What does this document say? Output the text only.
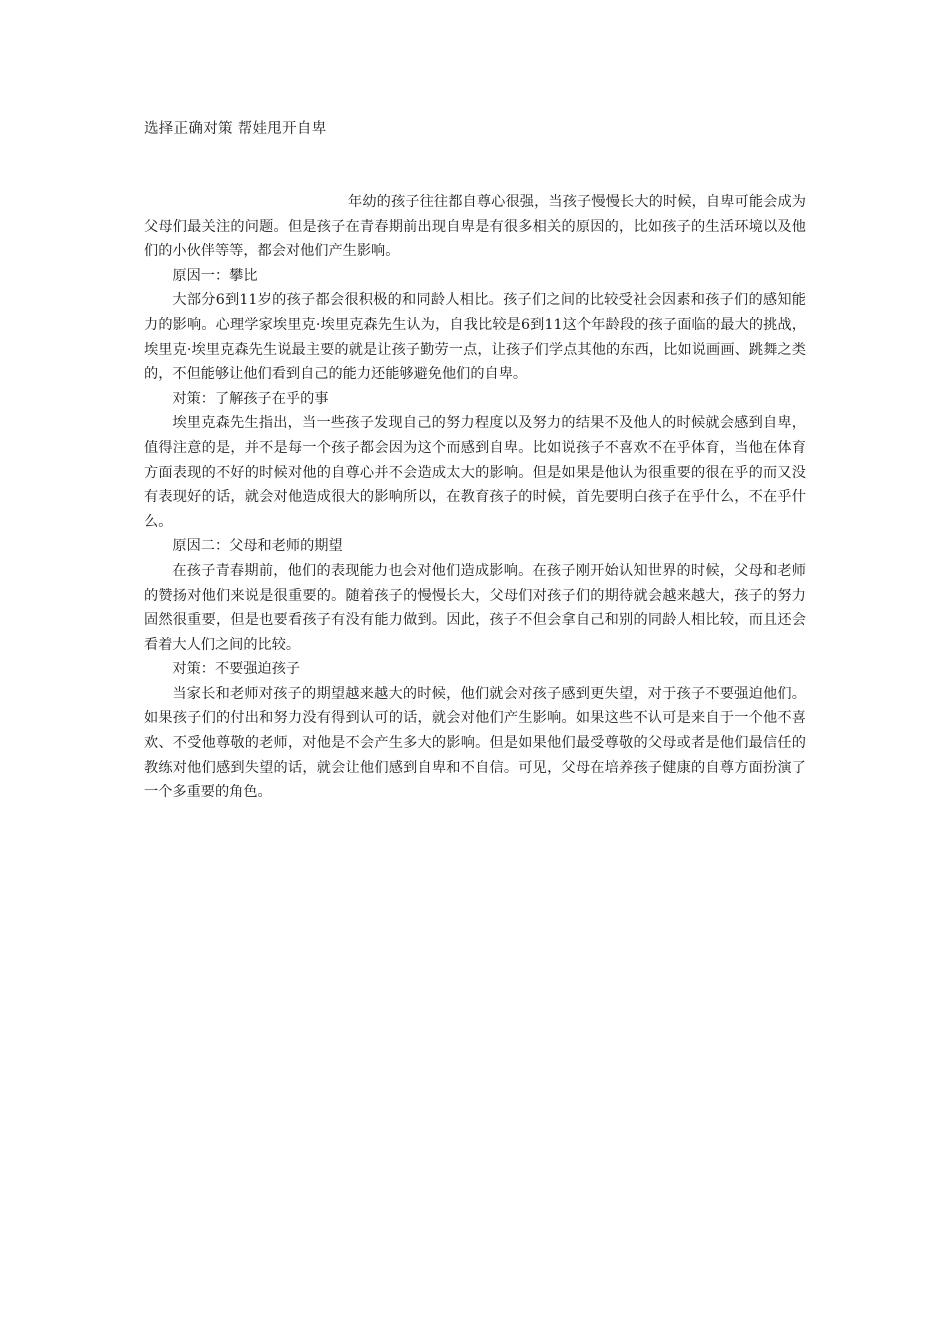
选择正确对策 帮娃甩开自卑

年幼的孩子往往都自尊心很强，当孩子慢慢长大的时候，自卑可能会成为父母们最关注的问题。但是孩子在青春期前出现自卑是有很多相关的原因的，比如孩子的生活环境以及他们的小伙伴等等，都会对他们产生影响。

原因一：攀比

大部分6到11岁的孩子都会很积极的和同龄人相比。孩子们之间的比较受社会因素和孩子们的感知能力的影响。心理学家埃里克·埃里克森先生认为，自我比较是6到11这个年龄段的孩子面临的最大的挑战，埃里克·埃里克森先生说最主要的就是让孩子勤劳一点，让孩子们学点其他的东西，比如说画画、跳舞之类的，不但能够让他们看到自己的能力还能够避免他们的自卑。

对策：了解孩子在乎的事

埃里克森先生指出，当一些孩子发现自己的努力程度以及努力的结果不及他人的时候就会感到自卑，值得注意的是，并不是每一个孩子都会因为这个而感到自卑。比如说孩子不喜欢不在乎体育，当他在体育方面表现的不好的时候对他的自尊心并不会造成太大的影响。但是如果是他认为很重要的很在乎的而又没有表现好的话，就会对他造成很大的影响所以，在教育孩子的时候，首先要明白孩子在乎什么，不在乎什么。

原因二：父母和老师的期望

在孩子青春期前，他们的表现能力也会对他们造成影响。在孩子刚开始认知世界的时候，父母和老师的赞扬对他们来说是很重要的。随着孩子的慢慢长大，父母们对孩子们的期待就会越来越大，孩子的努力固然很重要，但是也要看孩子有没有能力做到。因此，孩子不但会拿自己和别的同龄人相比较，而且还会看着大人们之间的比较。

对策：不要强迫孩子

当家长和老师对孩子的期望越来越大的时候，他们就会对孩子感到更失望，对于孩子不要强迫他们。如果孩子们的付出和努力没有得到认可的话，就会对他们产生影响。如果这些不认可是来自于一个他不喜欢、不受他尊敬的老师，对他是不会产生多大的影响。但是如果他们最受尊敬的父母或者是他们最信任的教练对他们感到失望的话，就会让他们感到自卑和不自信。可见，父母在培养孩子健康的自尊方面扮演了一个多重要的角色。
